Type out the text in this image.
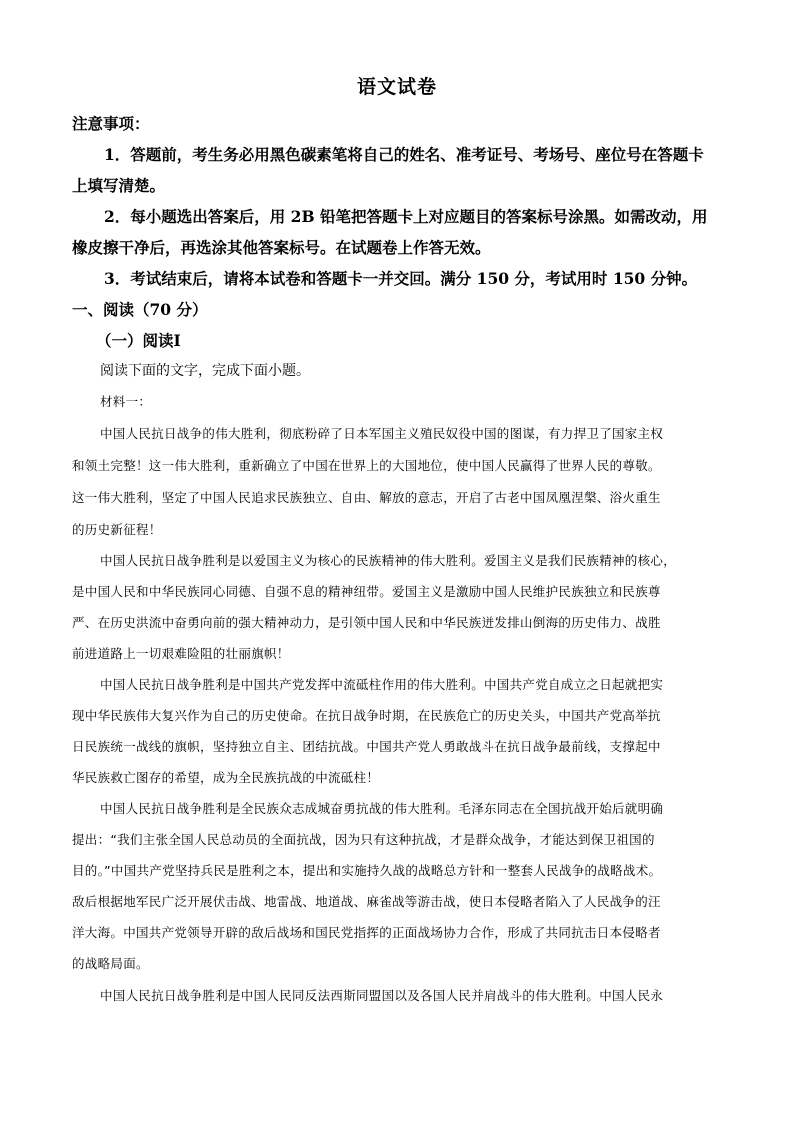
语文试卷
注意事项：
1．答题前，考生务必用黑色碳素笔将自己的姓名、准考证号、考场号、座位号在答题卡
上填写清楚。
2．每小题选出答案后，用 2B 铅笔把答题卡上对应题目的答案标号涂黑。如需改动，用
橡皮擦干净后，再选涂其他答案标号。在试题卷上作答无效。
3．考试结束后，请将本试卷和答题卡一并交回。满分 150 分，考试用时 150 分钟。
一、阅读（70 分）
（一）阅读Ⅰ
阅读下面的文字，完成下面小题。
材料一：
中国人民抗日战争的伟大胜利，彻底粉碎了日本军国主义殖民奴役中国的图谋，有力捍卫了国家主权
和领土完整！这一伟大胜利，重新确立了中国在世界上的大国地位，使中国人民赢得了世界人民的尊敬。
这一伟大胜利，坚定了中国人民追求民族独立、自由、解放的意志，开启了古老中国凤凰涅槃、浴火重生
的历史新征程！
中国人民抗日战争胜利是以爱国主义为核心的民族精神的伟大胜利。爱国主义是我们民族精神的核心，
是中国人民和中华民族同心同德、自强不息的精神纽带。爱国主义是激励中国人民维护民族独立和民族尊
严、在历史洪流中奋勇向前的强大精神动力，是引领中国人民和中华民族迸发排山倒海的历史伟力、战胜
前进道路上一切艰难险阻的壮丽旗帜！
中国人民抗日战争胜利是中国共产党发挥中流砥柱作用的伟大胜利。中国共产党自成立之日起就把实
现中华民族伟大复兴作为自己的历史使命。在抗日战争时期，在民族危亡的历史关头，中国共产党高举抗
日民族统一战线的旗帜，坚持独立自主、团结抗战。中国共产党人勇敢战斗在抗日战争最前线，支撑起中
华民族救亡图存的希望，成为全民族抗战的中流砥柱！
中国人民抗日战争胜利是全民族众志成城奋勇抗战的伟大胜利。毛泽东同志在全国抗战开始后就明确
提出：“我们主张全国人民总动员的全面抗战，因为只有这种抗战，才是群众战争，才能达到保卫祖国的
目的。”中国共产党坚持兵民是胜利之本，提出和实施持久战的战略总方针和一整套人民战争的战略战术。
敌后根据地军民广泛开展伏击战、地雷战、地道战、麻雀战等游击战，使日本侵略者陷入了人民战争的汪
洋大海。中国共产党领导开辟的敌后战场和国民党指挥的正面战场协力合作，形成了共同抗击日本侵略者
的战略局面。
中国人民抗日战争胜利是中国人民同反法西斯同盟国以及各国人民并肩战斗的伟大胜利。中国人民永
